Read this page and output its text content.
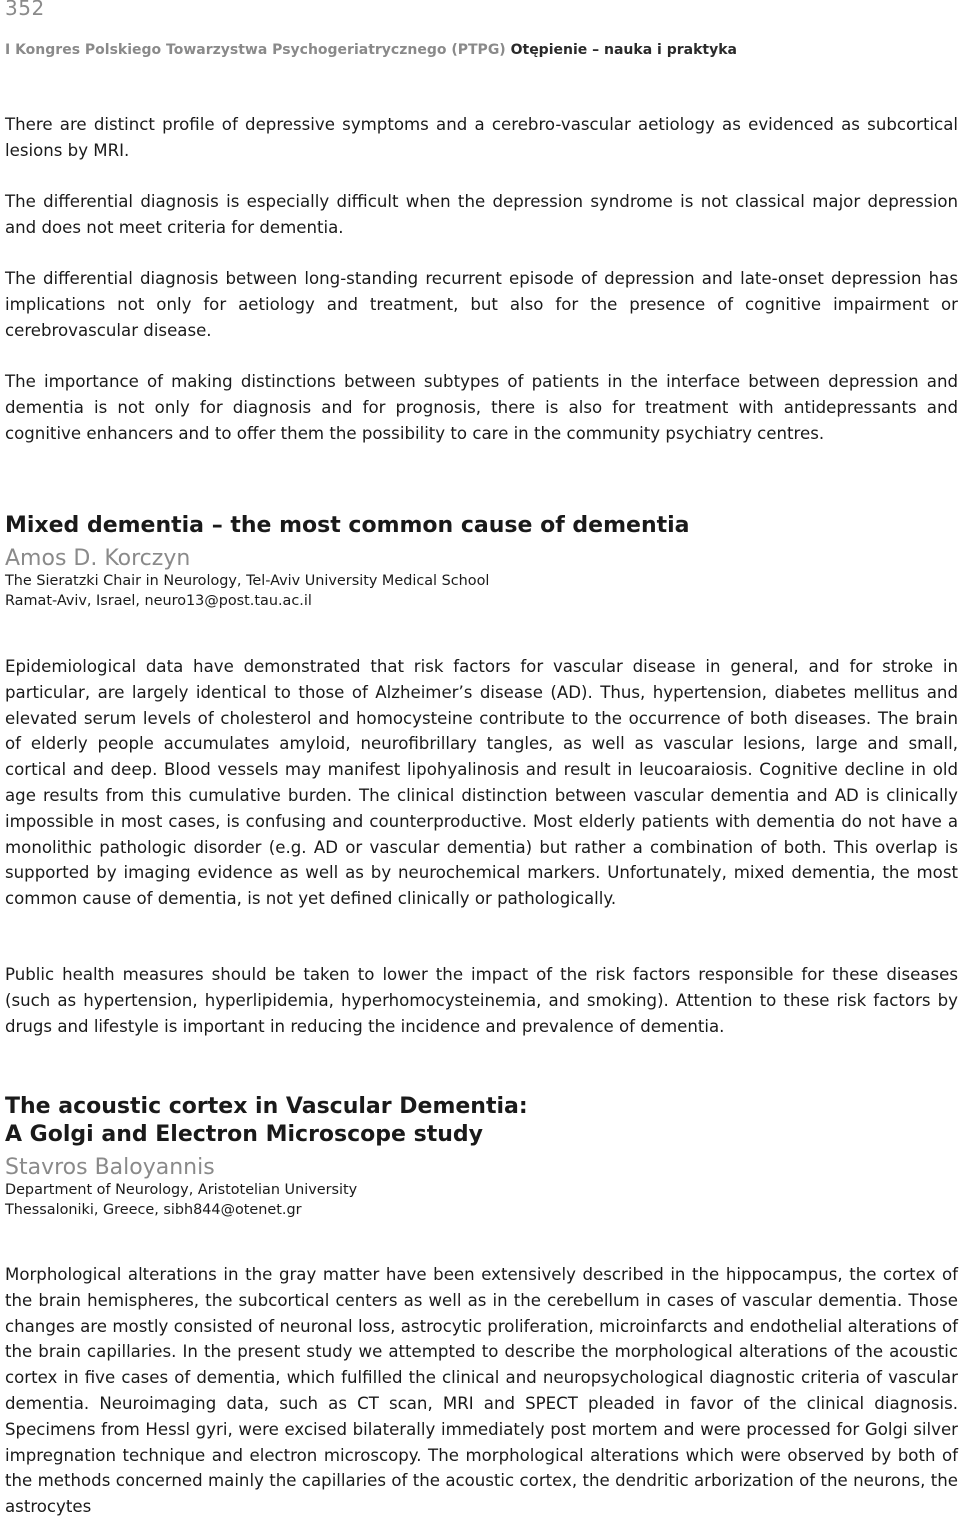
352
I Kongres Polskiego Towarzystwa Psychogeriatrycznego (PTPG) Otępienie – nauka i praktyka

There are distinct profile of depressive symptoms and a cerebro-vascular aetiology as evidenced as subcortical lesions by MRI.

The differential diagnosis is especially difficult when the depression syndrome is not classical major depression and does not meet criteria for dementia.

The differential diagnosis between long-standing recurrent episode of depression and late-onset depression has implications not only for aetiology and treatment, but also for the presence of cognitive impairment or cerebrovascular disease.

The importance of making distinctions between subtypes of patients in the interface between depression and dementia is not only for diagnosis and for prognosis, there is also for treatment with antidepressants and cognitive enhancers and to offer them the possibility to care in the community psychiatry centres.

Mixed dementia – the most common cause of dementia
Amos D. Korczyn
The Sieratzki Chair in Neurology, Tel-Aviv University Medical School
Ramat-Aviv, Israel, neuro13@post.tau.ac.il

Epidemiological data have demonstrated that risk factors for vascular disease in general, and for stroke in particular, are largely identical to those of Alzheimer’s disease (AD). Thus, hypertension, diabetes mellitus and elevated serum levels of cholesterol and homocysteine contribute to the occurrence of both diseases. The brain of elderly people accumulates amyloid, neurofibrillary tangles, as well as vascular lesions, large and small, cortical and deep. Blood vessels may manifest lipohyalinosis and result in leucoaraiosis. Cognitive decline in old age results from this cumulative burden. The clinical distinction between vascular dementia and AD is clinically impossible in most cases, is confusing and counterproductive. Most elderly patients with dementia do not have a monolithic pathologic disorder (e.g. AD or vascular dementia) but rather a combination of both. This overlap is supported by imaging evidence as well as by neurochemical markers. Unfortunately, mixed dementia, the most common cause of dementia, is not yet defined clinically or pathologically.

Public health measures should be taken to lower the impact of the risk factors responsible for these diseases (such as hypertension, hyperlipidemia, hyperhomocysteinemia, and smoking). Attention to these risk factors by drugs and lifestyle is important in reducing the incidence and prevalence of dementia.

The acoustic cortex in Vascular Dementia:
A Golgi and Electron Microscope study
Stavros Baloyannis
Department of Neurology, Aristotelian University
Thessaloniki, Greece, sibh844@otenet.gr

Morphological alterations in the gray matter have been extensively described in the hippocampus, the cortex of the brain hemispheres, the subcortical centers as well as in the cerebellum in cases of vascular dementia. Those changes are mostly consisted of neuronal loss, astrocytic proliferation, microinfarcts and endothelial alterations of the brain capillaries. In the present study we attempted to describe the morphological alterations of the acoustic cortex in five cases of dementia, which fulfilled the clinical and neuropsychological diagnostic criteria of vascular dementia. Neuroimaging data, such as CT scan, MRI and SPECT pleaded in favor of the clinical diagnosis. Specimens from Hessl gyri, were excised bilaterally immediately post mortem and were processed for Golgi silver impregnation technique and electron microscopy. The morphological alterations which were observed by both of the methods concerned mainly the capillaries of the acoustic cortex, the dendritic arborization of the neurons, the astrocytes
